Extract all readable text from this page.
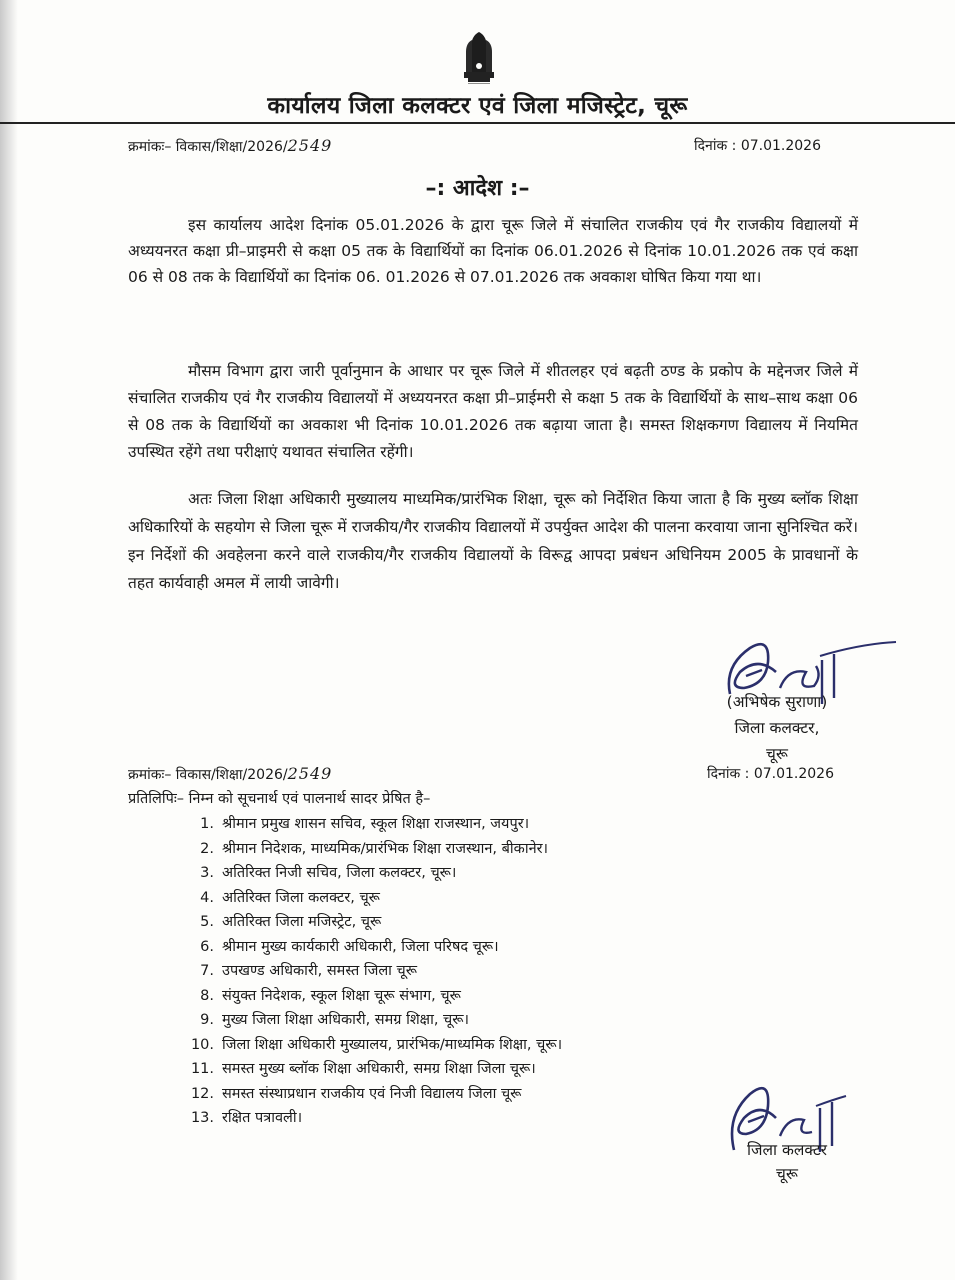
कार्यालय जिला कलक्टर एवं जिला मजिस्ट्रेट, चूरू
क्रमांकः– विकास/शिक्षा/2026/2549	दिनांक : 07.01.2026
–: आदेश :–

इस कार्यालय आदेश दिनांक 05.01.2026 के द्वारा चूरू जिले में संचालित राजकीय एवं गैर राजकीय विद्यालयों में अध्ययनरत कक्षा प्री–प्राइमरी से कक्षा 05 तक के विद्यार्थियों का दिनांक 06.01.2026 से दिनांक 10.01.2026 तक एवं कक्षा 06 से 08 तक के विद्यार्थियों का दिनांक 06. 01.2026 से 07.01.2026 तक अवकाश घोषित किया गया था।

मौसम विभाग द्वारा जारी पूर्वानुमान के आधार पर चूरू जिले में शीतलहर एवं बढ़ती ठण्ड के प्रकोप के मद्देनजर जिले में संचालित राजकीय एवं गैर राजकीय विद्यालयों में अध्ययनरत कक्षा प्री–प्राईमरी से कक्षा 5 तक के विद्यार्थियों के साथ–साथ कक्षा 06 से 08 तक के विद्यार्थियों का अवकाश भी दिनांक 10.01.2026 तक बढ़ाया जाता है। समस्त शिक्षकगण विद्यालय में नियमित उपस्थित रहेंगे तथा परीक्षाएं यथावत संचालित रहेंगी।

अतः जिला शिक्षा अधिकारी मुख्यालय माध्यमिक/प्रारंभिक शिक्षा, चूरू को निर्देशित किया जाता है कि मुख्य ब्लॉक शिक्षा अधिकारियों के सहयोग से जिला चूरू में राजकीय/गैर राजकीय विद्यालयों में उपर्युक्त आदेश की पालना करवाया जाना सुनिश्चित करें। इन निर्देशों की अवहेलना करने वाले राजकीय/गैर राजकीय विद्यालयों के विरूद्व आपदा प्रबंधन अधिनियम 2005 के प्रावधानों के तहत कार्यवाही अमल में लायी जावेगी।

(अभिषेक सुराणा)
जिला कलक्टर,
चूरू
क्रमांकः– विकास/शिक्षा/2026/2549	दिनांक : 07.01.2026
प्रतिलिपिः– निम्न को सूचनार्थ एवं पालनार्थ सादर प्रेषित है–
1. श्रीमान प्रमुख शासन सचिव, स्कूल शिक्षा राजस्थान, जयपुर।
2. श्रीमान निदेशक, माध्यमिक/प्रारंभिक शिक्षा राजस्थान, बीकानेर।
3. अतिरिक्त निजी सचिव, जिला कलक्टर, चूरू।
4. अतिरिक्त जिला कलक्टर, चूरू
5. अतिरिक्त जिला मजिस्ट्रेट, चूरू
6. श्रीमान मुख्य कार्यकारी अधिकारी, जिला परिषद चूरू।
7. उपखण्ड अधिकारी, समस्त जिला चूरू
8. संयुक्त निदेशक, स्कूल शिक्षा चूरू संभाग, चूरू
9. मुख्य जिला शिक्षा अधिकारी, समग्र शिक्षा, चूरू।
10. जिला शिक्षा अधिकारी मुख्यालय, प्रारंभिक/माध्यमिक शिक्षा, चूरू।
11. समस्त मुख्य ब्लॉक शिक्षा अधिकारी, समग्र शिक्षा जिला चूरू।
12. समस्त संस्थाप्रधान राजकीय एवं निजी विद्यालय जिला चूरू
13. रक्षित पत्रावली।
जिला कलक्टर
चूरू
